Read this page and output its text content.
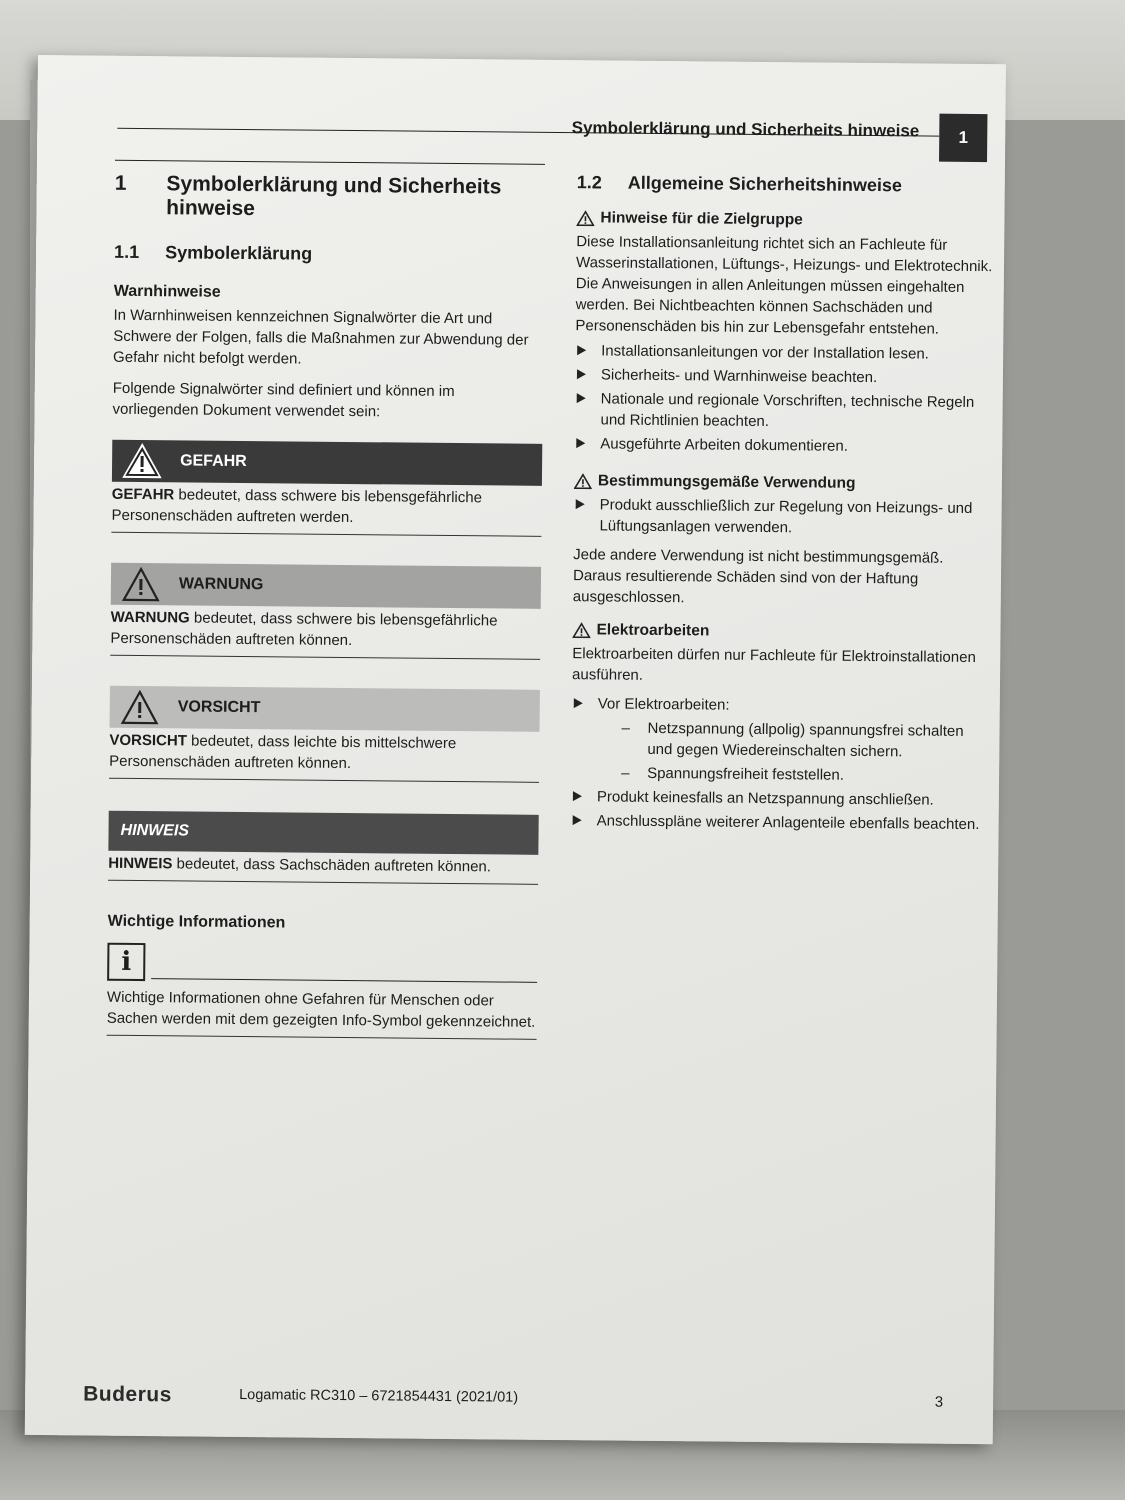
Symbolerklärung und Sicherheits hinweise	1
1 Symbolerklärung und Sicherheits
hinweise
1.1 Symbolerklärung
Warnhinweise

In Warnhinweisen kennzeichnen Signalwörter die Art und Schwere der Folgen, falls die Maßnahmen zur Abwendung der Gefahr nicht befolgt werden.

Folgende Signalwörter sind definiert und können im vorliegenden Dokument verwendet sein:

GEFAHR
GEFAHR bedeutet, dass schwere bis lebensgefährliche Personenschäden auftreten werden.
WARNUNG
WARNUNG bedeutet, dass schwere bis lebensgefährliche Personenschäden auftreten können.
VORSICHT
VORSICHT bedeutet, dass leichte bis mittelschwere Personenschäden auftreten können.
HINWEIS
HINWEIS bedeutet, dass Sachschäden auftreten können.
Wichtige Informationen
i
Wichtige Informationen ohne Gefahren für Menschen oder Sachen werden mit dem gezeigten Info-Symbol gekennzeichnet.
1.2 Allgemeine Sicherheitshinweise
Hinweise für die Zielgruppe

Diese Installationsanleitung richtet sich an Fachleute für Wasserinstallationen, Lüftungs-, Heizungs- und Elektrotechnik. Die Anweisungen in allen Anleitungen müssen eingehalten werden. Bei Nichtbeachten können Sachschäden und Personenschäden bis hin zur Lebensgefahr entstehen.

Installationsanleitungen vor der Installation lesen.
Sicherheits- und Warnhinweise beachten.
Nationale und regionale Vorschriften, technische Regeln und Richtlinien beachten.
Ausgeführte Arbeiten dokumentieren.
Bestimmungsgemäße Verwendung
Produkt ausschließlich zur Regelung von Heizungs- und Lüftungsanlagen verwenden.

Jede andere Verwendung ist nicht bestimmungsgemäß. Daraus resultierende Schäden sind von der Haftung ausgeschlossen.

Elektroarbeiten

Elektroarbeiten dürfen nur Fachleute für Elektroinstallationen ausführen.

Vor Elektroarbeiten:
– Netzspannung (allpolig) spannungsfrei schalten und gegen Wiedereinschalten sichern.
– Spannungsfreiheit feststellen.
Produkt keinesfalls an Netzspannung anschließen.
Anschlusspläne weiterer Anlagenteile ebenfalls beachten.
Buderus	Logamatic RC310 – 6721854431 (2021/01)	3
